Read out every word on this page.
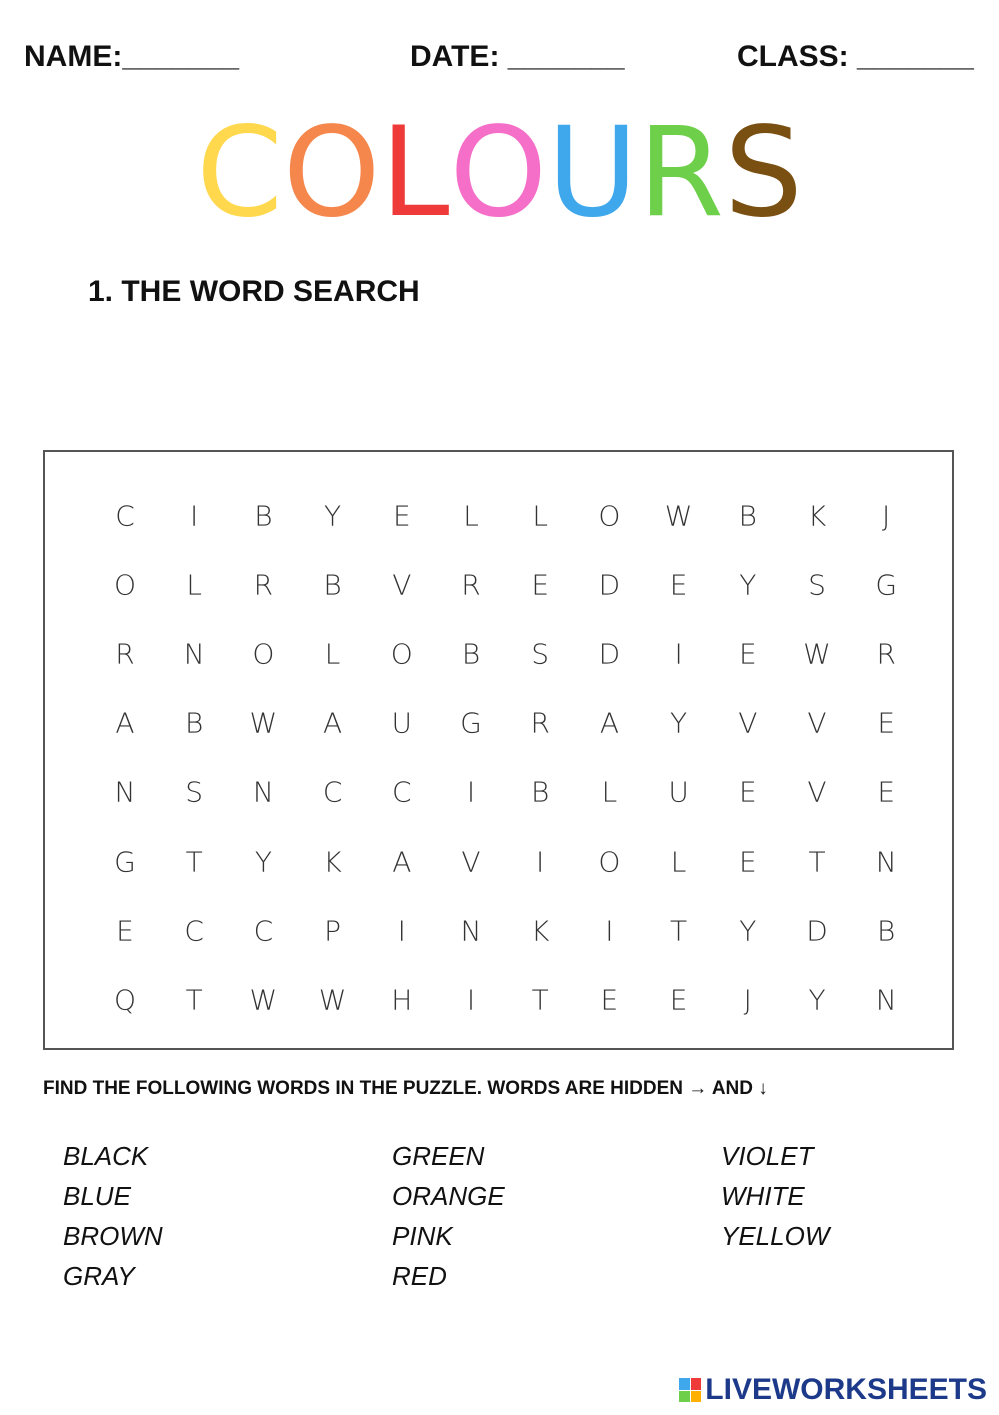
NAME:_______	DATE: _______	CLASS: _______
COLOURS
1. THE WORD SEARCH
C	I	B	Y	E	L	L	O	W	B	K	J
O	L	R	B	V	R	E	D	E	Y	S	G
R	N	O	L	O	B	S	D	I	E	W	R
A	B	W	A	U	G	R	A	Y	V	V	E
N	S	N	C	C	I	B	L	U	E	V	E
G	T	Y	K	A	V	I	O	L	E	T	N
E	C	C	P	I	N	K	I	T	Y	D	B
Q	T	W	W	H	I	T	E	E	J	Y	N
FIND THE FOLLOWING WORDS IN THE PUZZLE. WORDS ARE HIDDEN → AND ↓
BLACK
BLUE
BROWN
GRAY
GREEN
ORANGE
PINK
RED
VIOLET
WHITE
YELLOW
LIVEWORKSHEETS
